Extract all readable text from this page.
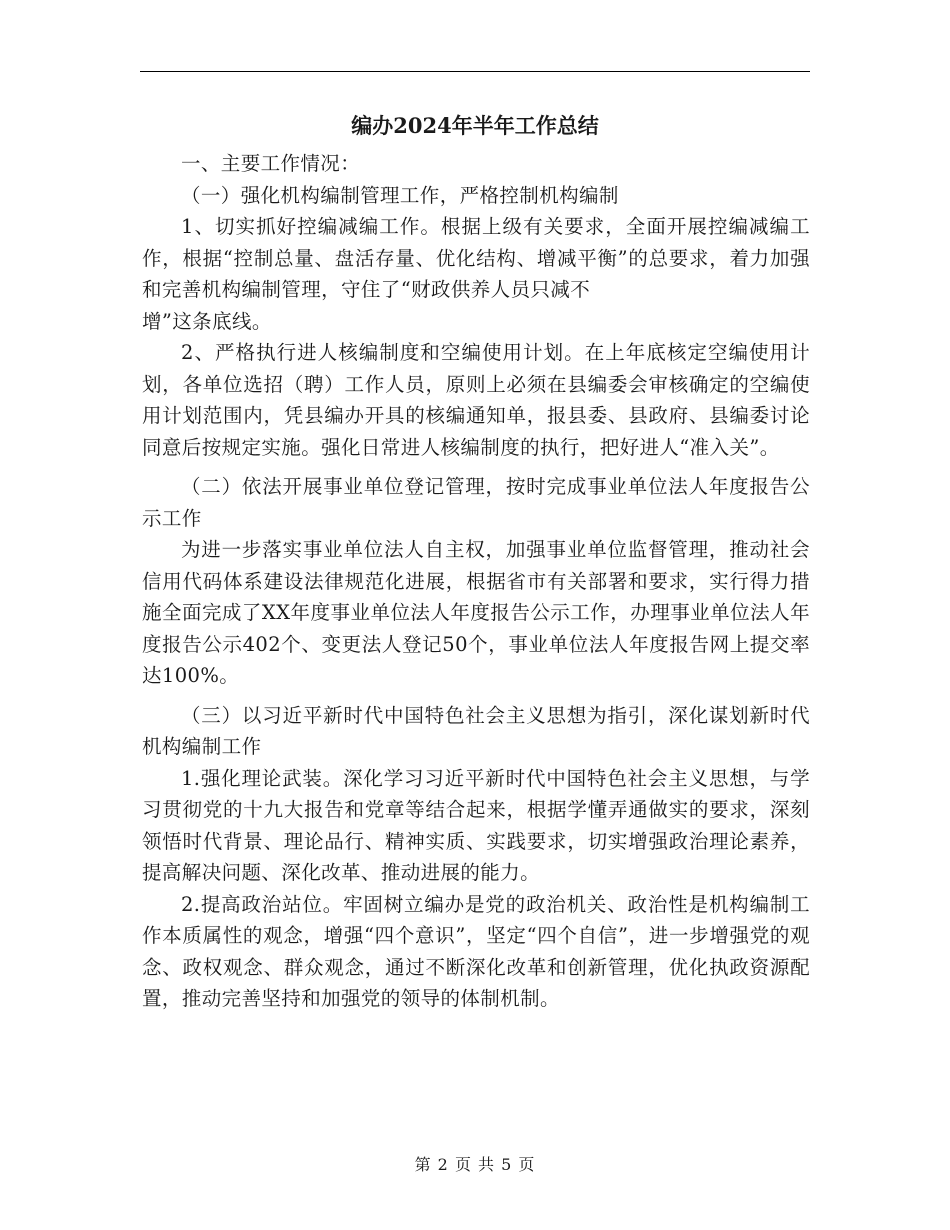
编办2024年半年工作总结

一、主要工作情况：

（一）强化机构编制管理工作，严格控制机构编制

1、切实抓好控编减编工作。根据上级有关要求，全面开展控编减编工作，根据“控制总量、盘活存量、优化结构、增减平衡”的总要求，着力加强和完善机构编制管理，守住了“财政供养人员只减不
增”这条底线。

2、严格执行进人核编制度和空编使用计划。在上年底核定空编使用计划，各单位选招（聘）工作人员，原则上必须在县编委会审核确定的空编使用计划范围内，凭县编办开具的核编通知单，报县委、县政府、县编委讨论同意后按规定实施。强化日常进人核编制度的执行，把好进人“准入关”。

（二）依法开展事业单位登记管理，按时完成事业单位法人年度报告公示工作

为进一步落实事业单位法人自主权，加强事业单位监督管理，推动社会信用代码体系建设法律规范化进展，根据省市有关部署和要求，实行得力措施全面完成了XX年度事业单位法人年度报告公示工作，办理事业单位法人年度报告公示402个、变更法人登记50个，事业单位法人年度报告网上提交率达100%。

（三）以习近平新时代中国特色社会主义思想为指引，深化谋划新时代机构编制工作

1.强化理论武装。深化学习习近平新时代中国特色社会主义思想，与学习贯彻党的十九大报告和党章等结合起来，根据学懂弄通做实的要求，深刻领悟时代背景、理论品行、精神实质、实践要求，切实增强政治理论素养，提高解决问题、深化改革、推动进展的能力。

2.提高政治站位。牢固树立编办是党的政治机关、政治性是机构编制工作本质属性的观念，增强“四个意识”，坚定“四个自信”，进一步增强党的观念、政权观念、群众观念，通过不断深化改革和创新管理，优化执政资源配置，推动完善坚持和加强党的领导的体制机制。

第 2 页 共 5 页
